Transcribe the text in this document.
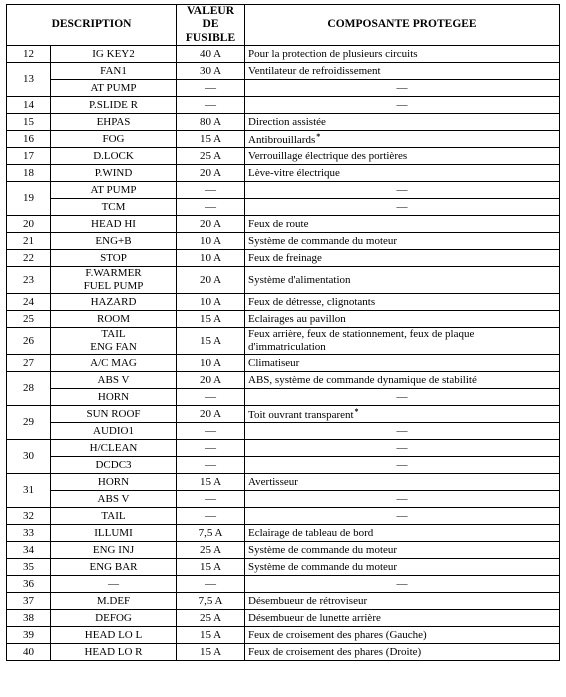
DESCRIPTION		VALEUR
DE
FUSIBLE	COMPOSANTE PROTEGEE
12	IG KEY2	40 A	Pour la protection de plusieurs circuits
13	FAN1	30 A	Ventilateur de refroidissement
	AT PUMP	—	—
14	P.SLIDE R	—	—
15	EHPAS	80 A	Direction assistée
16	FOG	15 A	Antibrouillards*
17	D.LOCK	25 A	Verrouillage électrique des portières
18	P.WIND	20 A	Lève-vitre électrique
19	AT PUMP	—	—
	TCM	—	—
20	HEAD HI	20 A	Feux de route
21	ENG+B	10 A	Système de commande du moteur
22	STOP	10 A	Feux de freinage
23	F.WARMER
FUEL PUMP	20 A	Système d'alimentation
24	HAZARD	10 A	Feux de détresse, clignotants
25	ROOM	15 A	Eclairages au pavillon
26	TAIL
ENG FAN	15 A	Feux arrière, feux de stationnement, feux de plaque
d'immatriculation
27	A/C MAG	10 A	Climatiseur
28	ABS V	20 A	ABS, système de commande dynamique de stabilité
	HORN	—	—
29	SUN ROOF	20 A	Toit ouvrant transparent*
	AUDIO1	—	—
30	H/CLEAN	—	—
	DCDC3	—	—
31	HORN	15 A	Avertisseur
	ABS V	—	—
32	TAIL	—	—
33	ILLUMI	7,5 A	Eclairage de tableau de bord
34	ENG INJ	25 A	Système de commande du moteur
35	ENG BAR	15 A	Système de commande du moteur
36	—	—	—
37	M.DEF	7,5 A	Désembueur de rétroviseur
38	DEFOG	25 A	Désembueur de lunette arrière
39	HEAD LO L	15 A	Feux de croisement des phares (Gauche)
40	HEAD LO R	15 A	Feux de croisement des phares (Droite)
